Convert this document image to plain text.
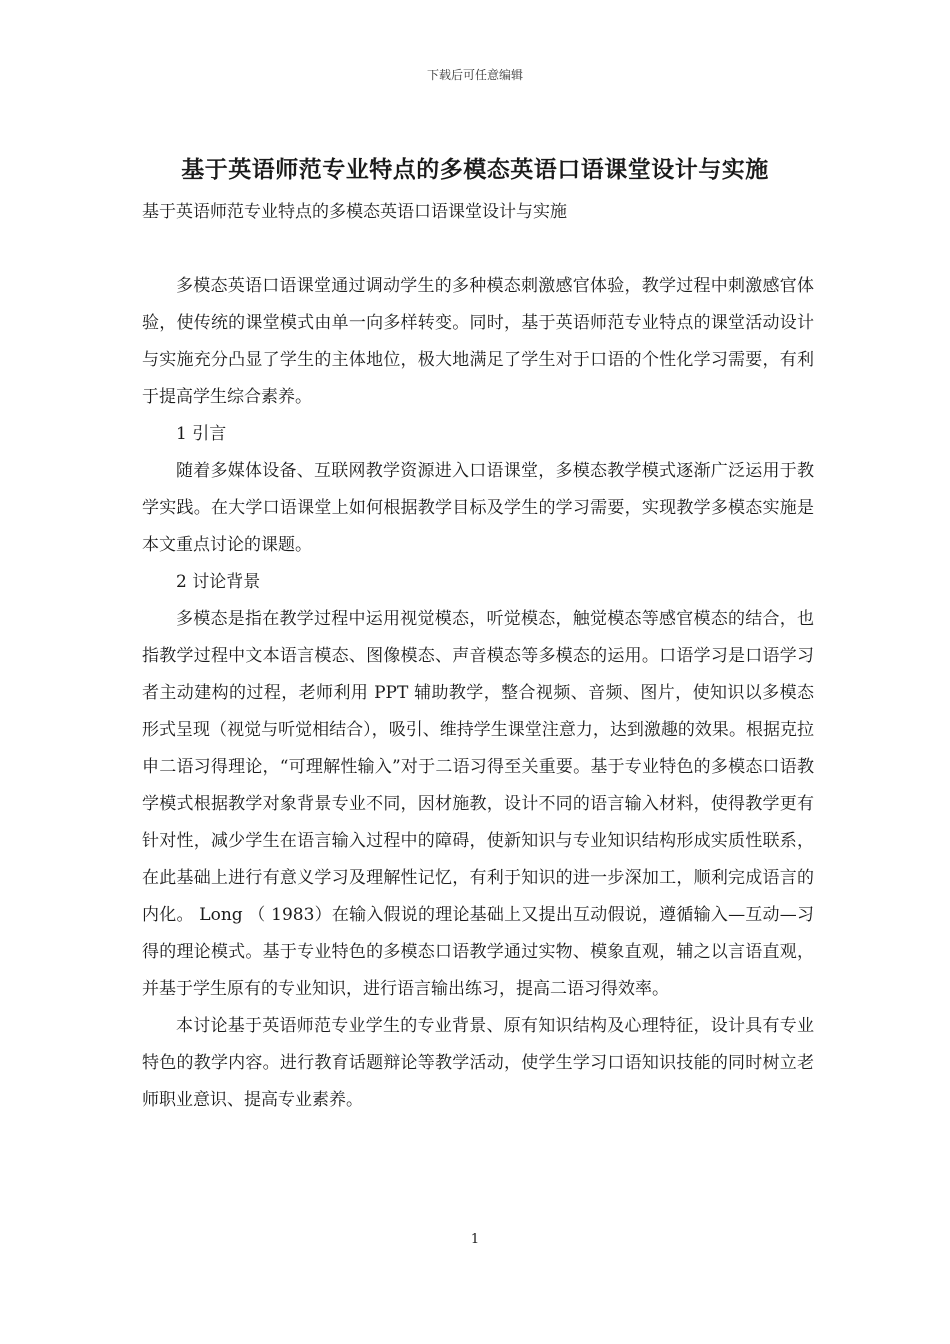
下载后可任意编辑
基于英语师范专业特点的多模态英语口语课堂设计与实施

基于英语师范专业特点的多模态英语口语课堂设计与实施

多模态英语口语课堂通过调动学生的多种模态刺激感官体验，教学过程中刺激感官体验，使传统的课堂模式由单一向多样转变。同时，基于英语师范专业特点的课堂活动设计与实施充分凸显了学生的主体地位，极大地满足了学生对于口语的个性化学习需要，有利于提高学生综合素养。

1 引言

随着多媒体设备、互联网教学资源进入口语课堂，多模态教学模式逐渐广泛运用于教学实践。在大学口语课堂上如何根据教学目标及学生的学习需要，实现教学多模态实施是本文重点讨论的课题。

2 讨论背景

多模态是指在教学过程中运用视觉模态，听觉模态，触觉模态等感官模态的结合，也指教学过程中文本语言模态、图像模态、声音模态等多模态的运用。口语学习是口语学习者主动建构的过程，老师利用 PPT 辅助教学，整合视频、音频、图片，使知识以多模态形式呈现（视觉与听觉相结合），吸引、维持学生课堂注意力，达到激趣的效果。根据克拉申二语习得理论，“可理解性输入”对于二语习得至关重要。基于专业特色的多模态口语教学模式根据教学对象背景专业不同，因材施教，设计不同的语言输入材料，使得教学更有针对性，减少学生在语言输入过程中的障碍，使新知识与专业知识结构形成实质性联系，在此基础上进行有意义学习及理解性记忆，有利于知识的进一步深加工，顺利完成语言的内化。 Long （ 1983）在输入假说的理论基础上又提出互动假说，遵循输入—互动—习得的理论模式。基于专业特色的多模态口语教学通过实物、模象直观，辅之以言语直观，并基于学生原有的专业知识，进行语言输出练习，提高二语习得效率。

本讨论基于英语师范专业学生的专业背景、原有知识结构及心理特征，设计具有专业特色的教学内容。进行教育话题辩论等教学活动，使学生学习口语知识技能的同时树立老师职业意识、提高专业素养。

1
